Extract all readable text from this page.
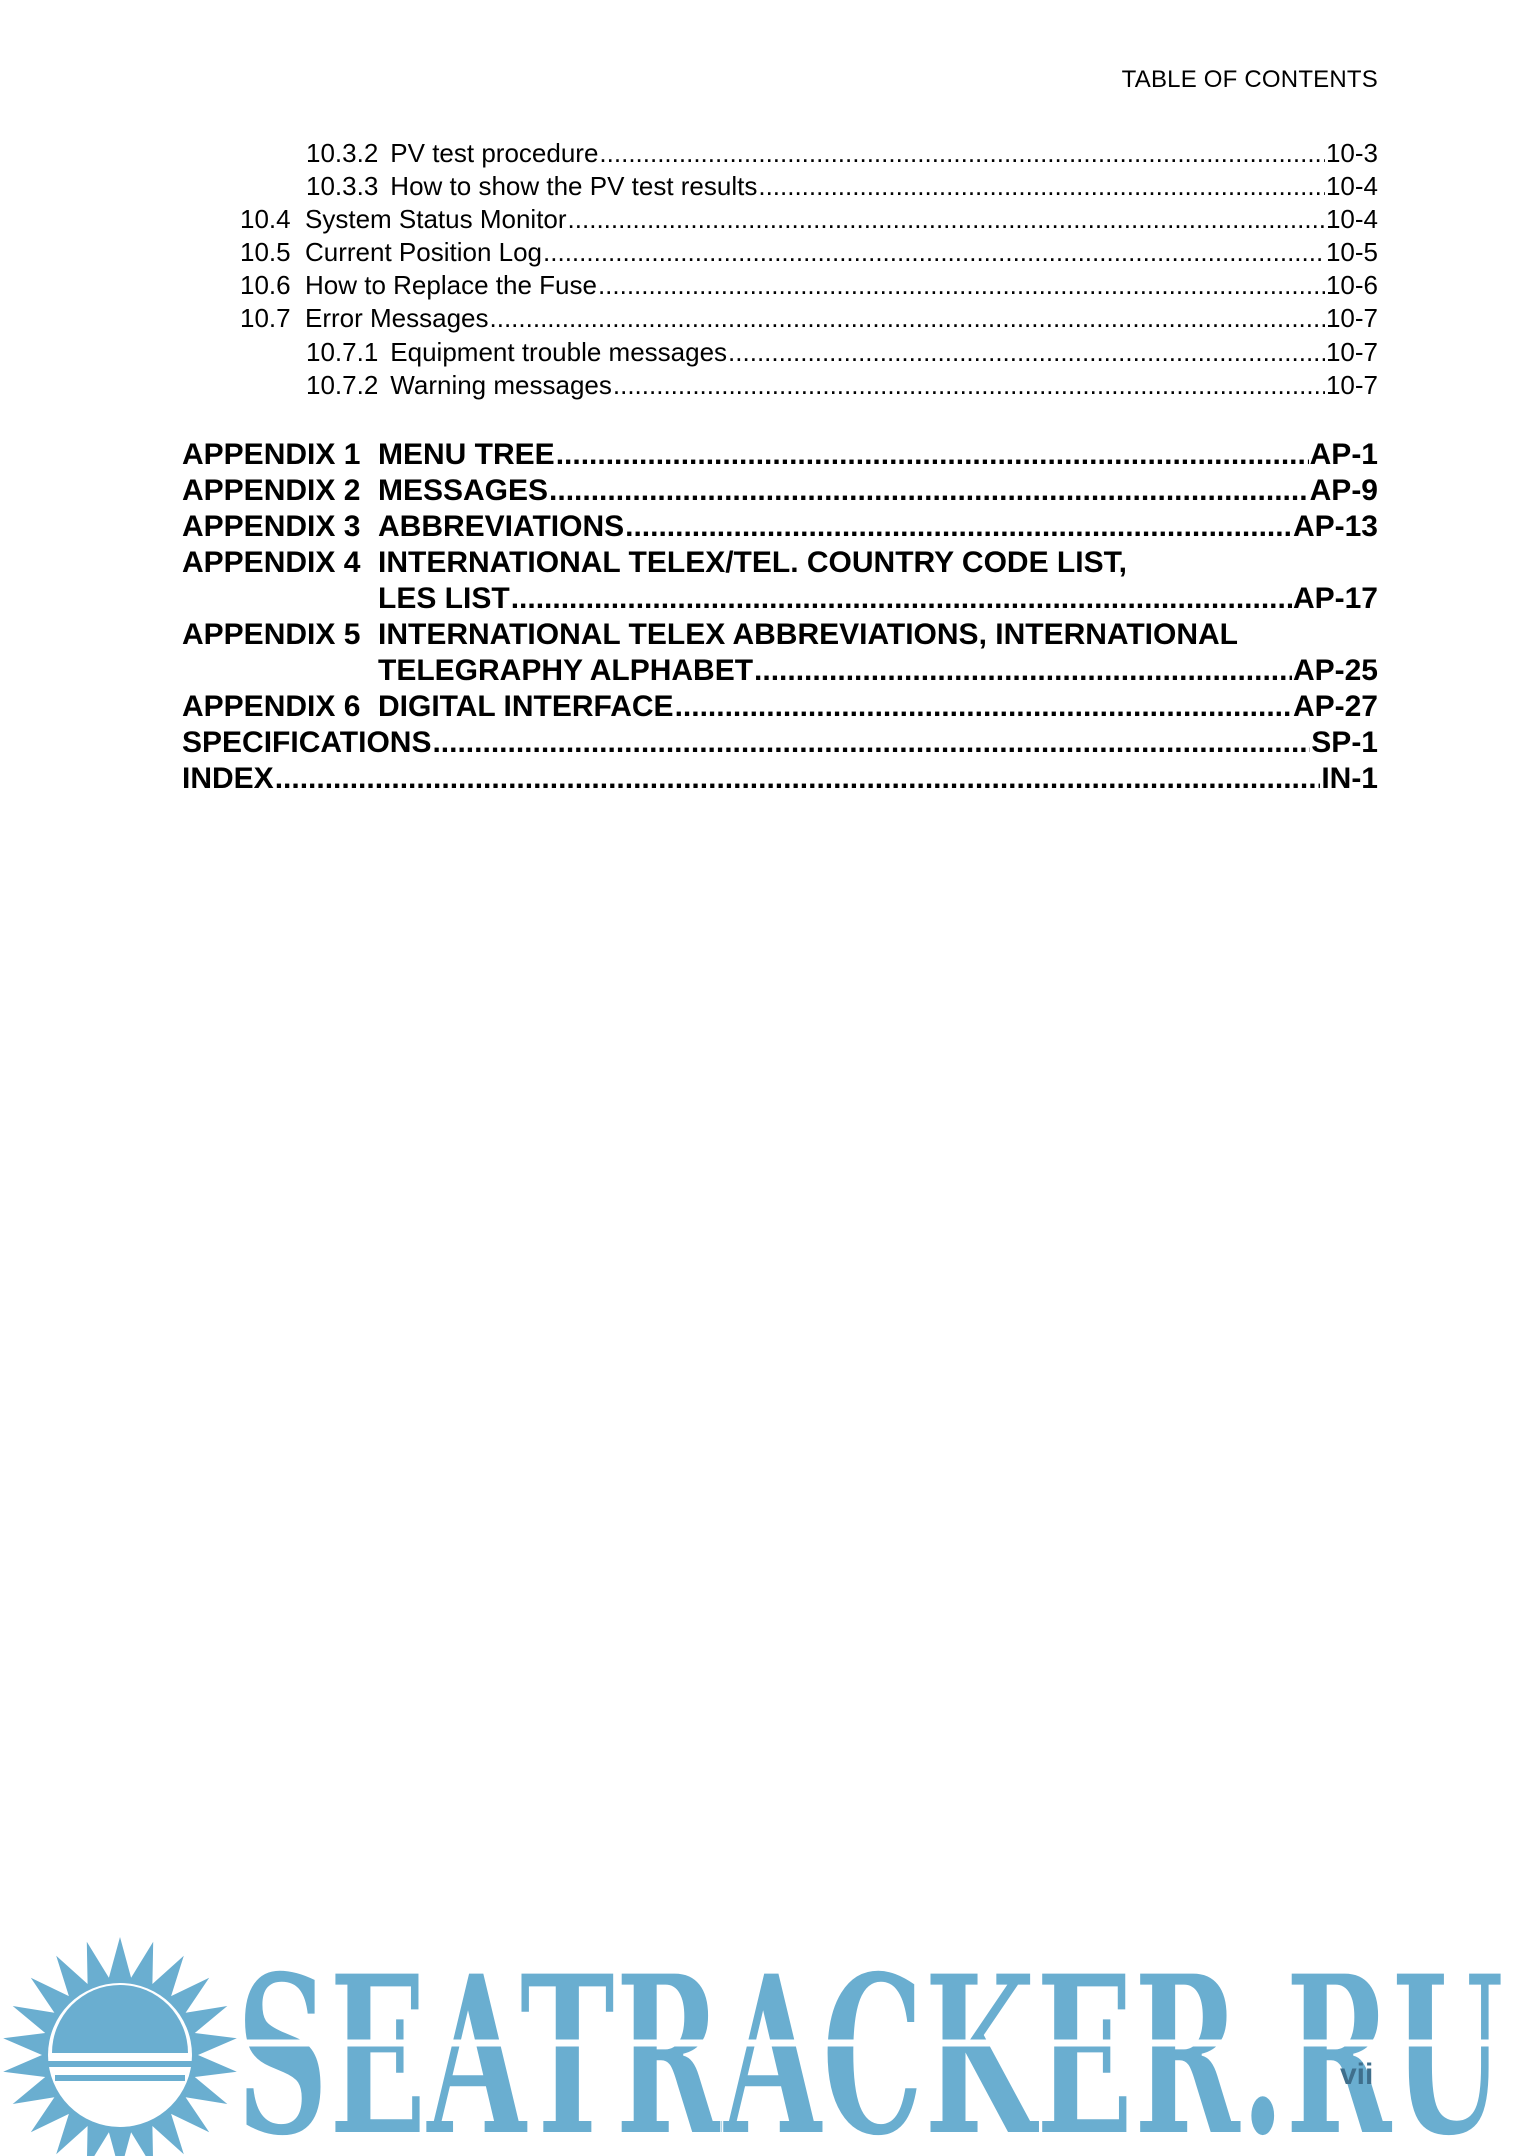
TABLE OF CONTENTS
10.3.2 PV test procedure .....	10-3
10.3.3 How to show the PV test results .....	10-4
10.4 System Status Monitor .....	10-4
10.5 Current Position Log .....	10-5
10.6 How to Replace the Fuse .....	10-6
10.7 Error Messages .....	10-7
10.7.1 Equipment trouble messages .....	10-7
10.7.2 Warning messages .....	10-7
APPENDIX 1 MENU TREE .....	AP-1
APPENDIX 2 MESSAGES .....	AP-9
APPENDIX 3 ABBREVIATIONS .....	AP-13
APPENDIX 4 INTERNATIONAL TELEX/TEL. COUNTRY CODE LIST,
LES LIST .....	AP-17
APPENDIX 5 INTERNATIONAL TELEX ABBREVIATIONS, INTERNATIONAL
TELEGRAPHY ALPHABET .....	AP-25
APPENDIX 6 DIGITAL INTERFACE .....	AP-27
SPECIFICATIONS .....	SP-1
INDEX .....	IN-1
SEATRACKER.RU
vii
